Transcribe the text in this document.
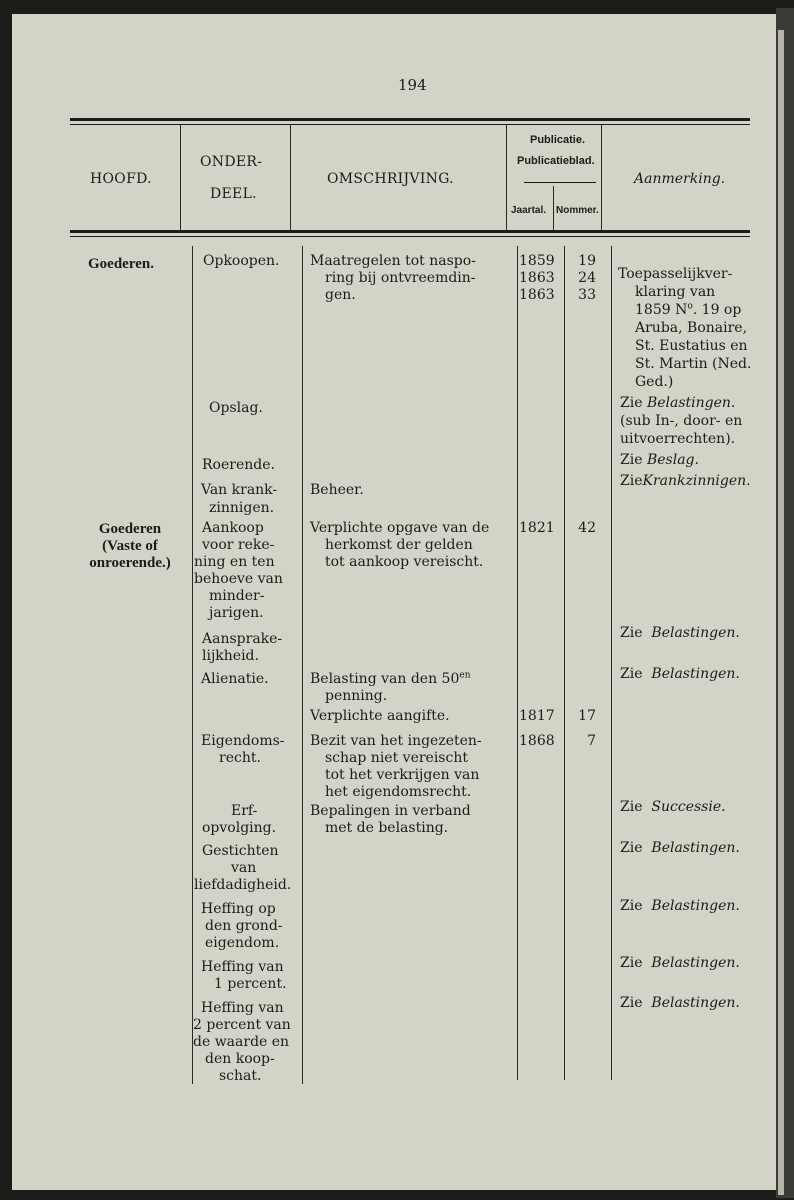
194
HOOFD.
ONDER-
DEEL.
OMSCHRIJVING.
Publicatie.
Publicatieblad.
Jaartal. Nommer.
Aanmerking.
Goederen.
Goederen
(Vaste of
onroerende.)
Opkoopen.
Opslag.
Roerende.
Van krank-
zinnigen.
Aankoop
voor reke-
ning en ten
behoeve van
minder-
jarigen.
Aansprake-
lijkheid.
Alienatie.
Eigendoms-
recht.
Erf-
opvolging.
Gestichten
van
liefdadigheid.
Heffing op
den grond-
eigendom.
Heffing van
1 percent.
Heffing van
2 percent van
de waarde en
den koop-
schat.
Maatregelen tot naspo-
ring bij ontvreemdin-
gen.
Beheer.
Verplichte opgave van de
herkomst der gelden
tot aankoop vereischt.
Belasting van den $50^{en}$
penning.
Verplichte aangifte.
Bezit van het ingezeten-
schap niet vereischt
tot het verkrijgen van
het eigendomsrecht.
Bepalingen in verband
met de belasting.
1859
1863
1863
1821
1817
1868
19
24
33
42
17
7
Toepasselijkver-
klaring van
1859 $N^o$. 19 op
Aruba, Bonaire,
St. Eustatius en
St. Martin (Ned.
Ged.)
Zie Belastingen.
(sub In-, door- en
uitvoerrechten).
Zie Beslag.
ZieKrankzinnigen.
Zie Belastingen.
Zie Belastingen.
Zie Successie.
Zie Belastingen.
Zie Belastingen.
Zie Belastingen.
Zie Belastingen.
